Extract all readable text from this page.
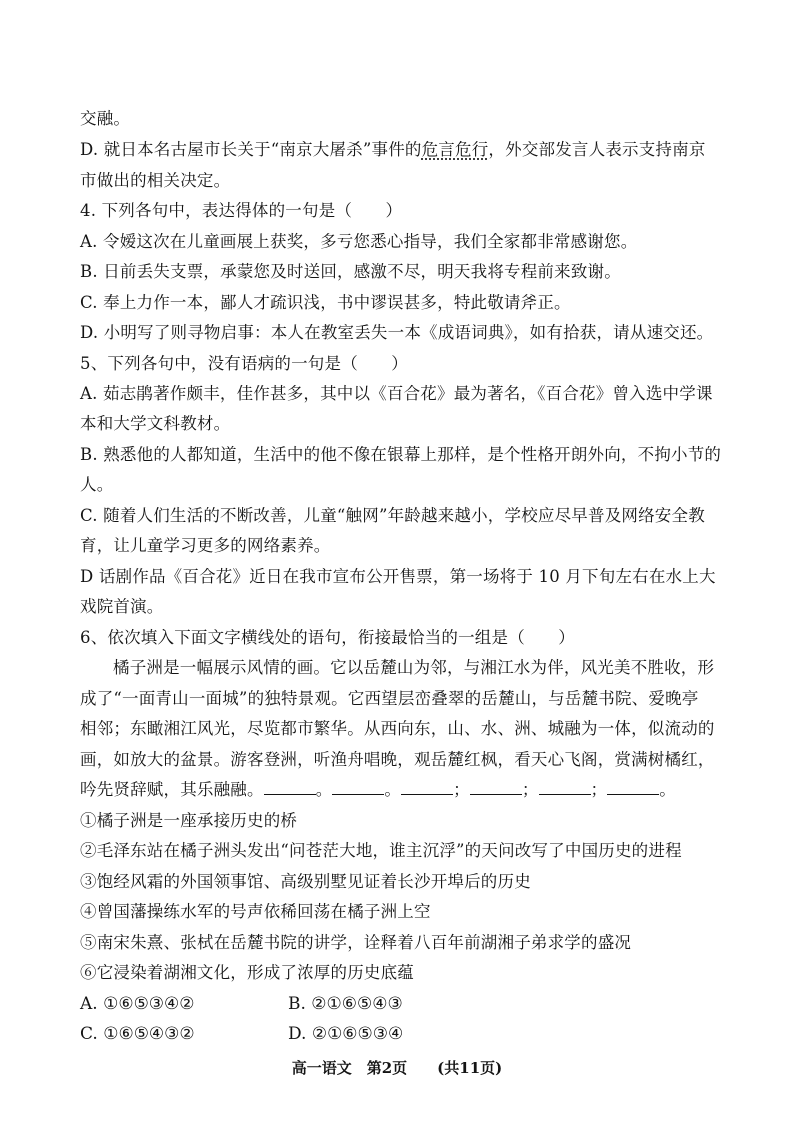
交融。
D. 就日本名古屋市长关于“南京大屠杀”事件的危言危行，外交部发言人表示支持南京
市做出的相关决定。
4. 下列各句中，表达得体的一句是（　　）
A. 令嫒这次在儿童画展上获奖，多亏您悉心指导，我们全家都非常感谢您。
B. 日前丢失支票，承蒙您及时送回，感激不尽，明天我将专程前来致谢。
C. 奉上力作一本，鄙人才疏识浅，书中谬误甚多，特此敬请斧正。
D. 小明写了则寻物启事：本人在教室丢失一本《成语词典》，如有拾获，请从速交还。
5、下列各句中，没有语病的一句是（　　）
A. 茹志鹃著作颇丰，佳作甚多，其中以《百合花》最为著名，《百合花》曾入选中学课
本和大学文科教材。
B. 熟悉他的人都知道，生活中的他不像在银幕上那样，是个性格开朗外向，不拘小节的
人。
C. 随着人们生活的不断改善，儿童“触网”年龄越来越小，学校应尽早普及网络安全教
育，让儿童学习更多的网络素养。
D 话剧作品《百合花》近日在我市宣布公开售票，第一场将于 10 月下旬左右在水上大
戏院首演。
6、依次填入下面文字横线处的语句，衔接最恰当的一组是（　　）
橘子洲是一幅展示风情的画。它以岳麓山为邻，与湘江水为伴，风光美不胜收，形
成了“一面青山一面城”的独特景观。它西望层峦叠翠的岳麓山，与岳麓书院、爱晚亭
相邻；东瞰湘江风光，尽览都市繁华。从西向东，山、水、洲、城融为一体，似流动的
画，如放大的盆景。游客登洲，听渔舟唱晚，观岳麓红枫，看天心飞阁，赏满树橘红，
吟先贤辞赋，其乐融融。	。	。	；	；	；	。
①橘子洲是一座承接历史的桥
②毛泽东站在橘子洲头发出“问苍茫大地，谁主沉浮”的天问改写了中国历史的进程
③饱经风霜的外国领事馆、高级别墅见证着长沙开埠后的历史
④曾国藩操练水军的号声依稀回荡在橘子洲上空
⑤南宋朱熹、张栻在岳麓书院的讲学，诠释着八百年前湖湘子弟求学的盛况
⑥它浸染着湖湘文化，形成了浓厚的历史底蕴
A. ①⑥⑤③④②	B. ②①⑥⑤④③
C. ①⑥⑤④③②	D. ②①⑥⑤③④
高一语文　第2页　　(共11页)
